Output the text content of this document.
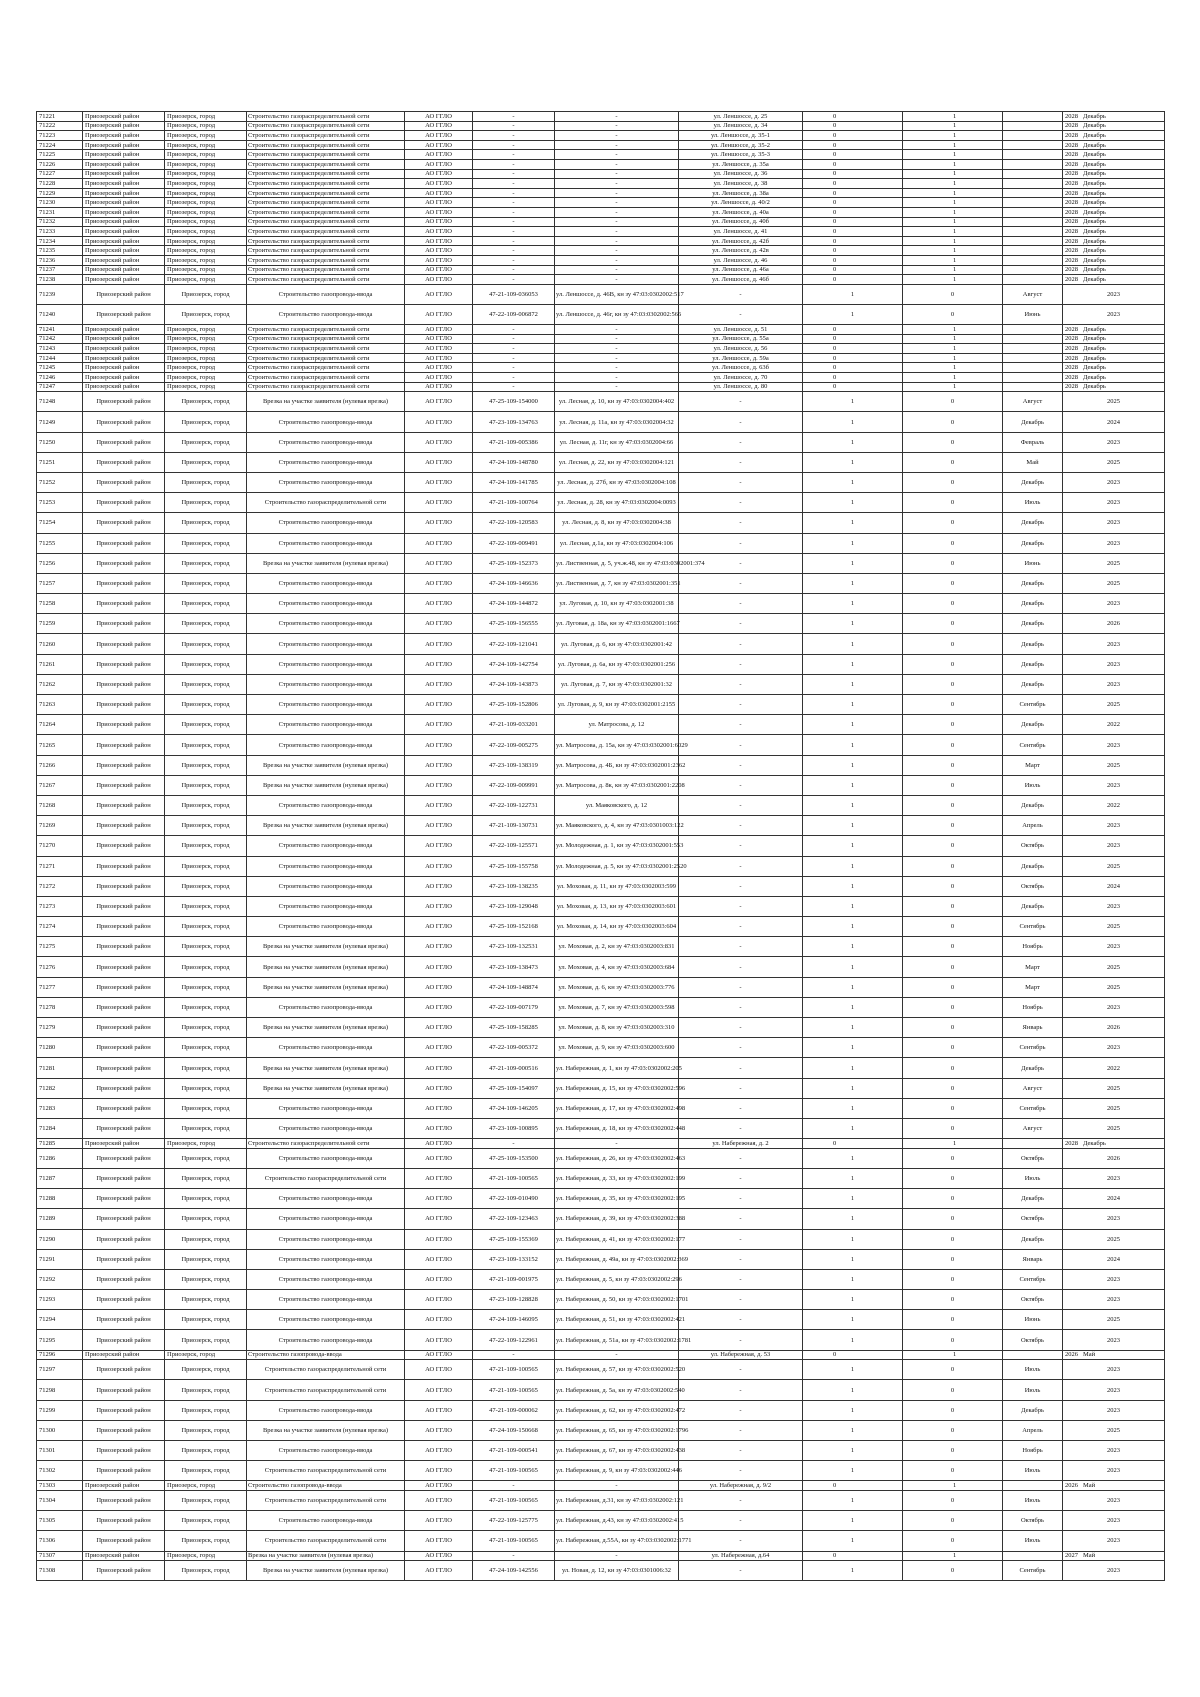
71221	Приозерский район	Приозерск, город	Строительство газораспределительной сети	АО ГГЛО	-	-	ул. Леншоссе, д. 25	0	1	Декабрь	2028
71222	Приозерский район	Приозерск, город	Строительство газораспределительной сети	АО ГГЛО	-	-	ул. Леншоссе, д. 34	0	1	Декабрь	2028
71223	Приозерский район	Приозерск, город	Строительство газораспределительной сети	АО ГГЛО	-	-	ул. Леншоссе, д. 35-1	0	1	Декабрь	2028
71224	Приозерский район	Приозерск, город	Строительство газораспределительной сети	АО ГГЛО	-	-	ул. Леншоссе, д. 35-2	0	1	Декабрь	2028
71225	Приозерский район	Приозерск, город	Строительство газораспределительной сети	АО ГГЛО	-	-	ул. Леншоссе, д. 35-3	0	1	Декабрь	2028
71226	Приозерский район	Приозерск, город	Строительство газораспределительной сети	АО ГГЛО	-	-	ул. Леншоссе, д. 35а	0	1	Декабрь	2028
71227	Приозерский район	Приозерск, город	Строительство газораспределительной сети	АО ГГЛО	-	-	ул. Леншоссе, д. 36	0	1	Декабрь	2028
71228	Приозерский район	Приозерск, город	Строительство газораспределительной сети	АО ГГЛО	-	-	ул. Леншоссе, д. 38	0	1	Декабрь	2028
71229	Приозерский район	Приозерск, город	Строительство газораспределительной сети	АО ГГЛО	-	-	ул. Леншоссе, д. 38а	0	1	Декабрь	2028
71230	Приозерский район	Приозерск, город	Строительство газораспределительной сети	АО ГГЛО	-	-	ул. Леншоссе, д. 40/2	0	1	Декабрь	2028
71231	Приозерский район	Приозерск, город	Строительство газораспределительной сети	АО ГГЛО	-	-	ул. Леншоссе, д. 40а	0	1	Декабрь	2028
71232	Приозерский район	Приозерск, город	Строительство газораспределительной сети	АО ГГЛО	-	-	ул. Леншоссе, д. 40б	0	1	Декабрь	2028
71233	Приозерский район	Приозерск, город	Строительство газораспределительной сети	АО ГГЛО	-	-	ул. Леншоссе, д. 41	0	1	Декабрь	2028
71234	Приозерский район	Приозерск, город	Строительство газораспределительной сети	АО ГГЛО	-	-	ул. Леншоссе, д. 42б	0	1	Декабрь	2028
71235	Приозерский район	Приозерск, город	Строительство газораспределительной сети	АО ГГЛО	-	-	ул. Леншоссе, д. 42в	0	1	Декабрь	2028
71236	Приозерский район	Приозерск, город	Строительство газораспределительной сети	АО ГГЛО	-	-	ул. Леншоссе, д. 46	0	1	Декабрь	2028
71237	Приозерский район	Приозерск, город	Строительство газораспределительной сети	АО ГГЛО	-	-	ул. Леншоссе, д. 46а	0	1	Декабрь	2028
71238	Приозерский район	Приозерск, город	Строительство газораспределительной сети	АО ГГЛО	-	-	ул. Леншоссе, д. 46б	0	1	Декабрь	2028
71239	Приозерский район	Приозерск, город	Строительство газопровода-ввода	АО ГГЛО	47-21-109-036053	ул. Леншоссе, д. 46В, кн зу 47:03:0302002:517	-	1	0	Август	2023
71240	Приозерский район	Приозерск, город	Строительство газопровода-ввода	АО ГГЛО	47-22-109-006872	ул. Леншоссе, д. 46г, кн зу 47:03:0302002:566	-	1	0	Июнь	2023
71241	Приозерский район	Приозерск, город	Строительство газораспределительной сети	АО ГГЛО	-	-	ул. Леншоссе, д. 51	0	1	Декабрь	2028
71242	Приозерский район	Приозерск, город	Строительство газораспределительной сети	АО ГГЛО	-	-	ул. Леншоссе, д. 55а	0	1	Декабрь	2028
71243	Приозерский район	Приозерск, город	Строительство газораспределительной сети	АО ГГЛО	-	-	ул. Леншоссе, д. 56	0	1	Декабрь	2028
71244	Приозерский район	Приозерск, город	Строительство газораспределительной сети	АО ГГЛО	-	-	ул. Леншоссе, д. 59а	0	1	Декабрь	2028
71245	Приозерский район	Приозерск, город	Строительство газораспределительной сети	АО ГГЛО	-	-	ул. Леншоссе, д. 63б	0	1	Декабрь	2028
71246	Приозерский район	Приозерск, город	Строительство газораспределительной сети	АО ГГЛО	-	-	ул. Леншоссе, д. 70	0	1	Декабрь	2028
71247	Приозерский район	Приозерск, город	Строительство газораспределительной сети	АО ГГЛО	-	-	ул. Леншоссе, д. 80	0	1	Декабрь	2028
71248	Приозерский район	Приозерск, город	Врезка на участке заявителя (нулевая врезка)	АО ГГЛО	47-25-109-154000	ул. Лесная, д. 10, кн зу 47:03:0302004:402	-	1	0	Август	2025
71249	Приозерский район	Приозерск, город	Строительство газопровода-ввода	АО ГГЛО	47-23-109-134763	ул. Лесная, д. 11а, кн зу 47:03:0302004:32	-	1	0	Декабрь	2024
71250	Приозерский район	Приозерск, город	Строительство газопровода-ввода	АО ГГЛО	47-21-109-005386	ул. Лесная, д. 11г, кн зу 47:03:0302004:66	-	1	0	Февраль	2023
71251	Приозерский район	Приозерск, город	Строительство газопровода-ввода	АО ГГЛО	47-24-109-148780	ул. Лесная, д. 22, кн зу 47:03:0302004:121	-	1	0	Май	2025
71252	Приозерский район	Приозерск, город	Строительство газопровода-ввода	АО ГГЛО	47-24-109-141785	ул. Лесная, д. 27б, кн зу 47:03:0302004:108	-	1	0	Декабрь	2023
71253	Приозерский район	Приозерск, город	Строительство газораспределительной сети	АО ГГЛО	47-21-109-100764	ул. Лесная, д. 28, кн зу 47:03:0302004:0093	-	1	0	Июль	2023
71254	Приозерский район	Приозерск, город	Строительство газопровода-ввода	АО ГГЛО	47-22-109-120583	ул. Лесная, д. 8, кн зу 47:03:0302004:38	-	1	0	Декабрь	2023
71255	Приозерский район	Приозерск, город	Строительство газопровода-ввода	АО ГГЛО	47-22-109-009491	ул. Лесная, д.1а, кн зу 47:03:0302004:106	-	1	0	Декабрь	2023
71256	Приозерский район	Приозерск, город	Врезка на участке заявителя (нулевая врезка)	АО ГГЛО	47-25-109-152373	ул. Лиственная, д. 5, уч.ж.48, кн зу 47:03:0302001:374	-	1	0	Июнь	2025
71257	Приозерский район	Приозерск, город	Строительство газопровода-ввода	АО ГГЛО	47-24-109-146636	ул. Лиственная, д. 7, кн зу 47:03:0302001:351	-	1	0	Декабрь	2025
71258	Приозерский район	Приозерск, город	Строительство газопровода-ввода	АО ГГЛО	47-24-109-144872	ул. Луговая, д. 10, кн зу 47:03:0302001:38	-	1	0	Декабрь	2023
71259	Приозерский район	Приозерск, город	Строительство газопровода-ввода	АО ГГЛО	47-25-109-156555	ул. Луговая, д. 18а, кн зу 47:03:0302001:1667	-	1	0	Декабрь	2026
71260	Приозерский район	Приозерск, город	Строительство газопровода-ввода	АО ГГЛО	47-22-109-121041	ул. Луговая, д. 6, кн зу 47:03:0302001:42	-	1	0	Декабрь	2023
71261	Приозерский район	Приозерск, город	Строительство газопровода-ввода	АО ГГЛО	47-24-109-142754	ул. Луговая, д. 6а, кн зу 47:03:0302001:256	-	1	0	Декабрь	2023
71262	Приозерский район	Приозерск, город	Строительство газопровода-ввода	АО ГГЛО	47-24-109-143873	ул. Луговая, д. 7, кн зу 47:03:0302001:32	-	1	0	Декабрь	2023
71263	Приозерский район	Приозерск, город	Строительство газопровода-ввода	АО ГГЛО	47-25-109-152806	ул. Луговая, д. 9, кн зу 47:03:0302001:2155	-	1	0	Сентябрь	2025
71264	Приозерский район	Приозерск, город	Строительство газопровода-ввода	АО ГГЛО	47-21-109-033201	ул. Матросова, д. 12	-	1	0	Декабрь	2022
71265	Приозерский район	Приозерск, город	Строительство газопровода-ввода	АО ГГЛО	47-22-109-005275	ул. Матросова, д. 15а, кн зу 47:03:0302001:6029	-	1	0	Сентябрь	2023
71266	Приозерский район	Приозерск, город	Врезка на участке заявителя (нулевая врезка)	АО ГГЛО	47-23-109-138319	ул. Матросова, д. 4Б, кн зу 47:03:0302001:2362	-	1	0	Март	2025
71267	Приозерский район	Приозерск, город	Врезка на участке заявителя (нулевая врезка)	АО ГГЛО	47-22-109-009991	ул. Матросова, д. 8к, кн зу 47:03:0302001:2208	-	1	0	Июль	2023
71268	Приозерский район	Приозерск, город	Строительство газопровода-ввода	АО ГГЛО	47-22-109-122731	ул. Маяковского, д. 12	-	1	0	Декабрь	2022
71269	Приозерский район	Приозерск, город	Врезка на участке заявителя (нулевая врезка)	АО ГГЛО	47-21-109-130731	ул. Маяковского, д. 4, кн зу 47:03:0301003:122	-	1	0	Апрель	2023
71270	Приозерский район	Приозерск, город	Строительство газопровода-ввода	АО ГГЛО	47-22-109-125571	ул. Молодежная, д. 1, кн зу 47:03:0302001:553	-	1	0	Октябрь	2023
71271	Приозерский район	Приозерск, город	Строительство газопровода-ввода	АО ГГЛО	47-25-109-155758	ул. Молодежная, д. 5, кн зу 47:03:0302001:2520	-	1	0	Декабрь	2025
71272	Приозерский район	Приозерск, город	Строительство газопровода-ввода	АО ГГЛО	47-23-109-138235	ул. Моховая, д. 11, кн зу 47:03:0302003:599	-	1	0	Октябрь	2024
71273	Приозерский район	Приозерск, город	Строительство газопровода-ввода	АО ГГЛО	47-23-109-129048	ул. Моховая, д. 13, кн зу 47:03:0302003:601	-	1	0	Декабрь	2023
71274	Приозерский район	Приозерск, город	Строительство газопровода-ввода	АО ГГЛО	47-25-109-152168	ул. Моховая, д. 14, кн зу 47:03:0302003:604	-	1	0	Сентябрь	2025
71275	Приозерский район	Приозерск, город	Врезка на участке заявителя (нулевая врезка)	АО ГГЛО	47-23-109-132531	ул. Моховая, д. 2, кн зу 47:03:0302003:831	-	1	0	Ноябрь	2023
71276	Приозерский район	Приозерск, город	Врезка на участке заявителя (нулевая врезка)	АО ГГЛО	47-23-109-138473	ул. Моховая, д. 4, кн зу 47:03:0302003:684	-	1	0	Март	2025
71277	Приозерский район	Приозерск, город	Врезка на участке заявителя (нулевая врезка)	АО ГГЛО	47-24-109-148874	ул. Моховая, д. 6, кн зу 47:03:0302003:776	-	1	0	Март	2025
71278	Приозерский район	Приозерск, город	Строительство газопровода-ввода	АО ГГЛО	47-22-109-007179	ул. Моховая, д. 7, кн зу 47:03:0302003:598	-	1	0	Ноябрь	2023
71279	Приозерский район	Приозерск, город	Врезка на участке заявителя (нулевая врезка)	АО ГГЛО	47-25-109-158285	ул. Моховая, д. 8, кн зу 47:03:0302003:310	-	1	0	Январь	2026
71280	Приозерский район	Приозерск, город	Строительство газопровода-ввода	АО ГГЛО	47-22-109-005372	ул. Моховая, д. 9, кн зу 47:03:0302003:600	-	1	0	Сентябрь	2023
71281	Приозерский район	Приозерск, город	Врезка на участке заявителя (нулевая врезка)	АО ГГЛО	47-21-109-000516	ул. Набережная, д. 1, кн зу 47:03:0302002:205	-	1	0	Декабрь	2022
71282	Приозерский район	Приозерск, город	Врезка на участке заявителя (нулевая врезка)	АО ГГЛО	47-25-109-154097	ул. Набережная, д. 15, кн зу 47:03:0302002:596	-	1	0	Август	2025
71283	Приозерский район	Приозерск, город	Строительство газопровода-ввода	АО ГГЛО	47-24-109-146205	ул. Набережная, д. 17, кн зу 47:03:0302002:498	-	1	0	Сентябрь	2025
71284	Приозерский район	Приозерск, город	Строительство газопровода-ввода	АО ГГЛО	47-23-109-100895	ул. Набережная, д. 18, кн зу 47:03:0302002:448	-	1	0	Август	2025
71285	Приозерский район	Приозерск, город	Строительство газораспределительной сети	АО ГГЛО	-	-	ул. Набережная, д. 2	0	1	Декабрь	2028
71286	Приозерский район	Приозерск, город	Строительство газопровода-ввода	АО ГГЛО	47-25-109-153500	ул. Набережная, д. 26, кн зу 47:03:0302002:463	-	1	0	Октябрь	2026
71287	Приозерский район	Приозерск, город	Строительство газораспределительной сети	АО ГГЛО	47-21-109-100565	ул. Набережная, д. 33, кн зу 47:03:0302002:199	-	1	0	Июль	2023
71288	Приозерский район	Приозерск, город	Строительство газопровода-ввода	АО ГГЛО	47-22-109-010490	ул. Набережная, д. 35, кн зу 47:03:0302002:195	-	1	0	Декабрь	2024
71289	Приозерский район	Приозерск, город	Строительство газопровода-ввода	АО ГГЛО	47-22-109-123463	ул. Набережная, д. 39, кн зу 47:03:0302002:388	-	1	0	Октябрь	2023
71290	Приозерский район	Приозерск, город	Строительство газопровода-ввода	АО ГГЛО	47-25-109-155369	ул. Набережная, д. 41, кн зу 47:03:0302002:177	-	1	0	Декабрь	2025
71291	Приозерский район	Приозерск, город	Строительство газопровода-ввода	АО ГГЛО	47-23-109-133152	ул. Набережная, д. 49а, кн зу 47:03:0302002:369	-	1	0	Январь	2024
71292	Приозерский район	Приозерск, город	Строительство газопровода-ввода	АО ГГЛО	47-21-109-001975	ул. Набережная, д. 5, кн зу 47:03:0302002:296	-	1	0	Сентябрь	2023
71293	Приозерский район	Приозерск, город	Строительство газопровода-ввода	АО ГГЛО	47-23-109-128828	ул. Набережная, д. 50, кн зу 47:03:0302002:1701	-	1	0	Октябрь	2023
71294	Приозерский район	Приозерск, город	Строительство газопровода-ввода	АО ГГЛО	47-24-109-146095	ул. Набережная, д. 51, кн зу 47:03:0302002:421	-	1	0	Июнь	2025
71295	Приозерский район	Приозерск, город	Строительство газопровода-ввода	АО ГГЛО	47-22-109-122961	ул. Набережная, д. 51а, кн зу 47:03:0302002:1781	-	1	0	Октябрь	2023
71296	Приозерский район	Приозерск, город	Строительство газопровода-ввода	АО ГГЛО	-	-	ул. Набережная, д. 53	0	1	Май	2026
71297	Приозерский район	Приозерск, город	Строительство газораспределительной сети	АО ГГЛО	47-21-109-100565	ул. Набережная, д. 57, кн зу 47:03:0302002:520	-	1	0	Июль	2023
71298	Приозерский район	Приозерск, город	Строительство газораспределительной сети	АО ГГЛО	47-21-109-100565	ул. Набережная, д. 5а, кн зу 47:03:0302002:540	-	1	0	Июль	2023
71299	Приозерский район	Приозерск, город	Строительство газопровода-ввода	АО ГГЛО	47-21-109-000062	ул. Набережная, д. 62, кн зу 47:03:0302002:472	-	1	0	Декабрь	2023
71300	Приозерский район	Приозерск, город	Врезка на участке заявителя (нулевая врезка)	АО ГГЛО	47-24-109-150668	ул. Набережная, д. 65, кн зу 47:03:0302002:1796	-	1	0	Апрель	2025
71301	Приозерский район	Приозерск, город	Строительство газопровода-ввода	АО ГГЛО	47-21-109-000541	ул. Набережная, д. 67, кн зу 47:03:0302002:438	-	1	0	Ноябрь	2023
71302	Приозерский район	Приозерск, город	Строительство газораспределительной сети	АО ГГЛО	47-21-109-100565	ул. Набережная, д. 9, кн зу 47:03:0302002:446	-	1	0	Июль	2023
71303	Приозерский район	Приозерск, город	Строительство газопровода-ввода	АО ГГЛО	-	-	ул. Набережная, д. 9/2	0	1	Май	2026
71304	Приозерский район	Приозерск, город	Строительство газораспределительной сети	АО ГГЛО	47-21-109-100565	ул. Набережная, д.31, кн зу 47:03:0302002:121	-	1	0	Июль	2023
71305	Приозерский район	Приозерск, город	Строительство газопровода-ввода	АО ГГЛО	47-22-109-125775	ул. Набережная, д.43, кн зу 47:03:0302002:415	-	1	0	Октябрь	2023
71306	Приозерский район	Приозерск, город	Строительство газораспределительной сети	АО ГГЛО	47-21-109-100565	ул. Набережная, д.55А, кн зу 47:03:0302002:1771	-	1	0	Июль	2023
71307	Приозерский район	Приозерск, город	Врезка на участке заявителя (нулевая врезка)	АО ГГЛО	-	-	ул. Набережная, д.64	0	1	Май	2027
71308	Приозерский район	Приозерск, город	Врезка на участке заявителя (нулевая врезка)	АО ГГЛО	47-24-109-142556	ул. Новая, д. 12, кн зу 47:03:0301006:32	-	1	0	Сентябрь	2023
